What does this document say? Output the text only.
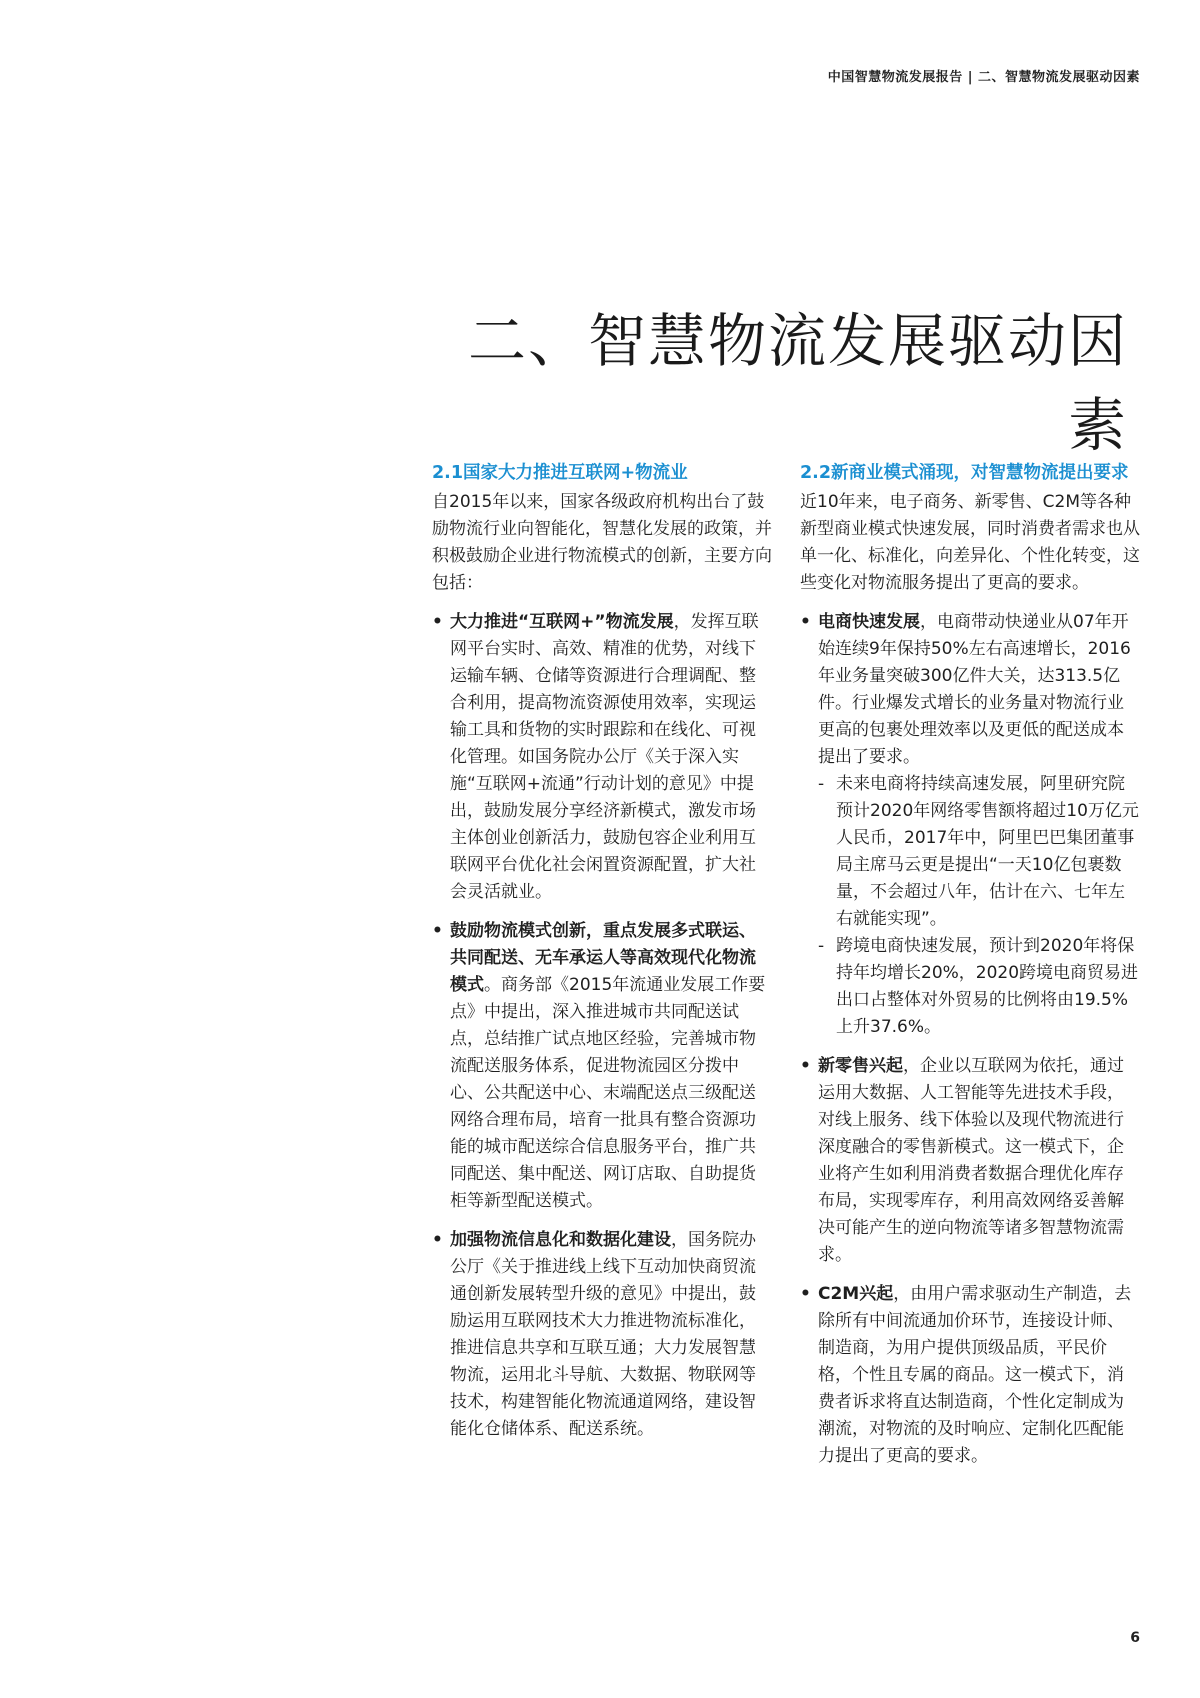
中国智慧物流发展报告 | 二、智慧物流发展驱动因素
二、智慧物流发展驱动因素
2.1国家大力推进互联网+物流业

自2015年以来，国家各级政府机构出台了鼓励物流行业向智能化，智慧化发展的政策，并积极鼓励企业进行物流模式的创新，主要方向包括：

• 大力推进“互联网+”物流发展，发挥互联网平台实时、高效、精准的优势，对线下运输车辆、仓储等资源进行合理调配、整合利用，提高物流资源使用效率，实现运输工具和货物的实时跟踪和在线化、可视化管理。如国务院办公厅《关于深入实施“互联网+流通”行动计划的意见》中提出，鼓励发展分享经济新模式，激发市场主体创业创新活力，鼓励包容企业利用互联网平台优化社会闲置资源配置，扩大社会灵活就业。
• 鼓励物流模式创新，重点发展多式联运、共同配送、无车承运人等高效现代化物流模式。商务部《2015年流通业发展工作要点》中提出，深入推进城市共同配送试点，总结推广试点地区经验，完善城市物流配送服务体系，促进物流园区分拨中心、公共配送中心、末端配送点三级配送网络合理布局，培育一批具有整合资源功能的城市配送综合信息服务平台，推广共同配送、集中配送、网订店取、自助提货柜等新型配送模式。
• 加强物流信息化和数据化建设，国务院办公厅《关于推进线上线下互动加快商贸流通创新发展转型升级的意见》中提出，鼓励运用互联网技术大力推进物流标准化，推进信息共享和互联互通；大力发展智慧物流，运用北斗导航、大数据、物联网等技术，构建智能化物流通道网络，建设智能化仓储体系、配送系统。
2.2新商业模式涌现，对智慧物流提出要求

近10年来，电子商务、新零售、C2M等各种新型商业模式快速发展，同时消费者需求也从单一化、标准化，向差异化、个性化转变，这些变化对物流服务提出了更高的要求。

• 电商快速发展，电商带动快递业从07年开始连续9年保持50%左右高速增长，2016年业务量突破300亿件大关，达313.5亿件。行业爆发式增长的业务量对物流行业更高的包裹处理效率以及更低的配送成本提出了要求。
- 未来电商将持续高速发展，阿里研究院预计2020年网络零售额将超过10万亿元人民币，2017年中，阿里巴巴集团董事局主席马云更是提出“一天10亿包裹数量，不会超过八年，估计在六、七年左右就能实现”。
- 跨境电商快速发展，预计到2020年将保持年均增长20%，2020跨境电商贸易进出口占整体对外贸易的比例将由19.5%上升37.6%。
• 新零售兴起，企业以互联网为依托，通过运用大数据、人工智能等先进技术手段，对线上服务、线下体验以及现代物流进行深度融合的零售新模式。这一模式下，企业将产生如利用消费者数据合理优化库存布局，实现零库存，利用高效网络妥善解决可能产生的逆向物流等诸多智慧物流需求。
• C2M兴起，由用户需求驱动生产制造，去除所有中间流通加价环节，连接设计师、制造商，为用户提供顶级品质，平民价格，个性且专属的商品。这一模式下，消费者诉求将直达制造商，个性化定制成为潮流，对物流的及时响应、定制化匹配能力提出了更高的要求。
6
